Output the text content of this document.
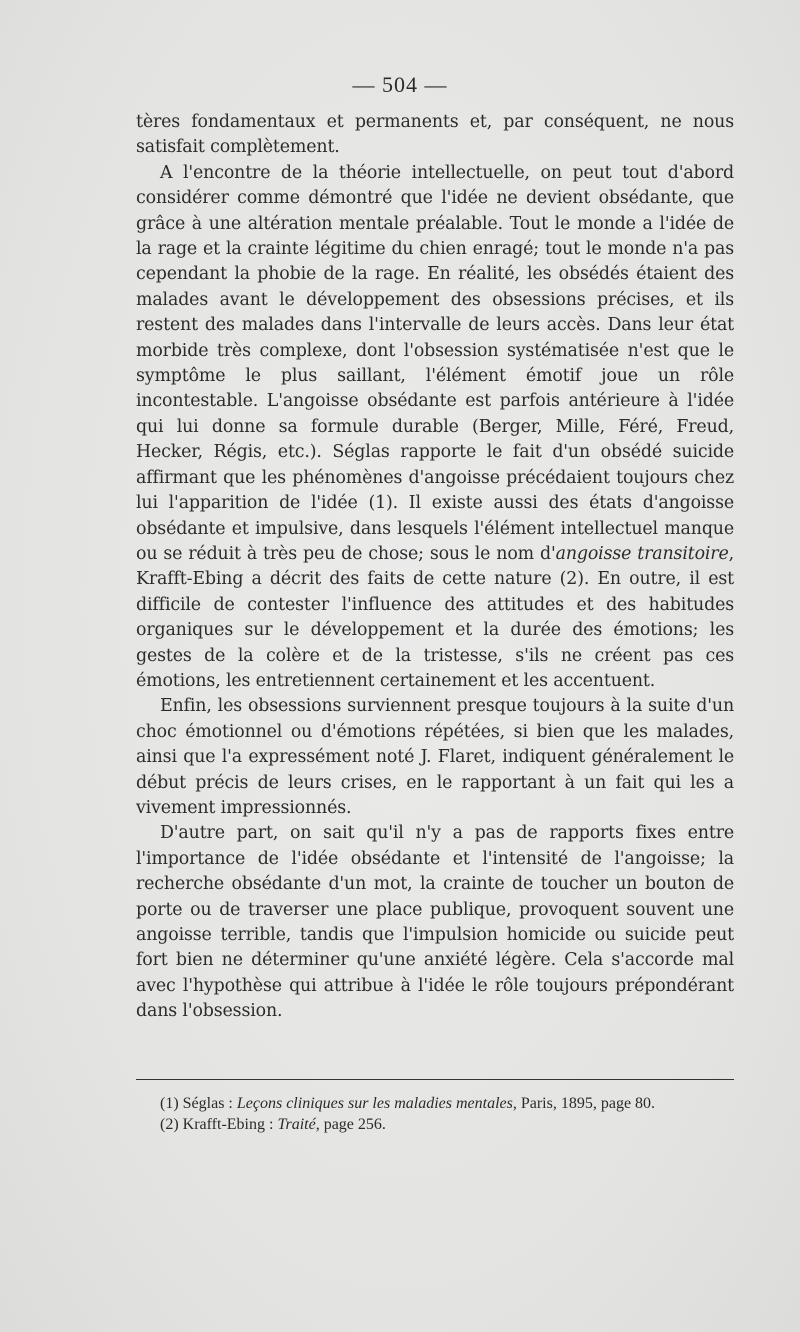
— 504 —

tères fondamentaux et permanents et, par conséquent, ne nous satisfait complètement.

A l'encontre de la théorie intellectuelle, on peut tout d'abord considérer comme démontré que l'idée ne devient obsédante, que grâce à une altération mentale préalable. Tout le monde a l'idée de la rage et la crainte légitime du chien enragé; tout le monde n'a pas cependant la phobie de la rage. En réalité, les obsédés étaient des malades avant le développement des obsessions précises, et ils restent des malades dans l'intervalle de leurs accès. Dans leur état morbide très complexe, dont l'obsession systématisée n'est que le symptôme le plus saillant, l'élément émotif joue un rôle incontestable. L'angoisse obsédante est parfois antérieure à l'idée qui lui donne sa formule durable (Berger, Mille, Féré, Freud, Hecker, Régis, etc.). Séglas rapporte le fait d'un obsédé suicide affirmant que les phénomènes d'angoisse précédaient toujours chez lui l'apparition de l'idée (1). Il existe aussi des états d'angoisse obsédante et impulsive, dans lesquels l'élément intellectuel manque ou se réduit à très peu de chose; sous le nom d'angoisse transitoire, Krafft-Ebing a décrit des faits de cette nature (2). En outre, il est difficile de contester l'influence des attitudes et des habitudes organiques sur le développement et la durée des émotions; les gestes de la colère et de la tristesse, s'ils ne créent pas ces émotions, les entretiennent certainement et les accentuent.

Enfin, les obsessions surviennent presque toujours à la suite d'un choc émotionnel ou d'émotions répétées, si bien que les malades, ainsi que l'a expressément noté J. Flaret, indiquent généralement le début précis de leurs crises, en le rapportant à un fait qui les a vivement impressionnés.

D'autre part, on sait qu'il n'y a pas de rapports fixes entre l'importance de l'idée obsédante et l'intensité de l'angoisse; la recherche obsédante d'un mot, la crainte de toucher un bouton de porte ou de traverser une place publique, provoquent souvent une angoisse terrible, tandis que l'impulsion homicide ou suicide peut fort bien ne déterminer qu'une anxiété légère. Cela s'accorde mal avec l'hypothèse qui attribue à l'idée le rôle toujours prépondérant dans l'obsession.

(1) Séglas : Leçons cliniques sur les maladies mentales, Paris, 1895, page 80.

(2) Krafft-Ebing : Traité, page 256.
